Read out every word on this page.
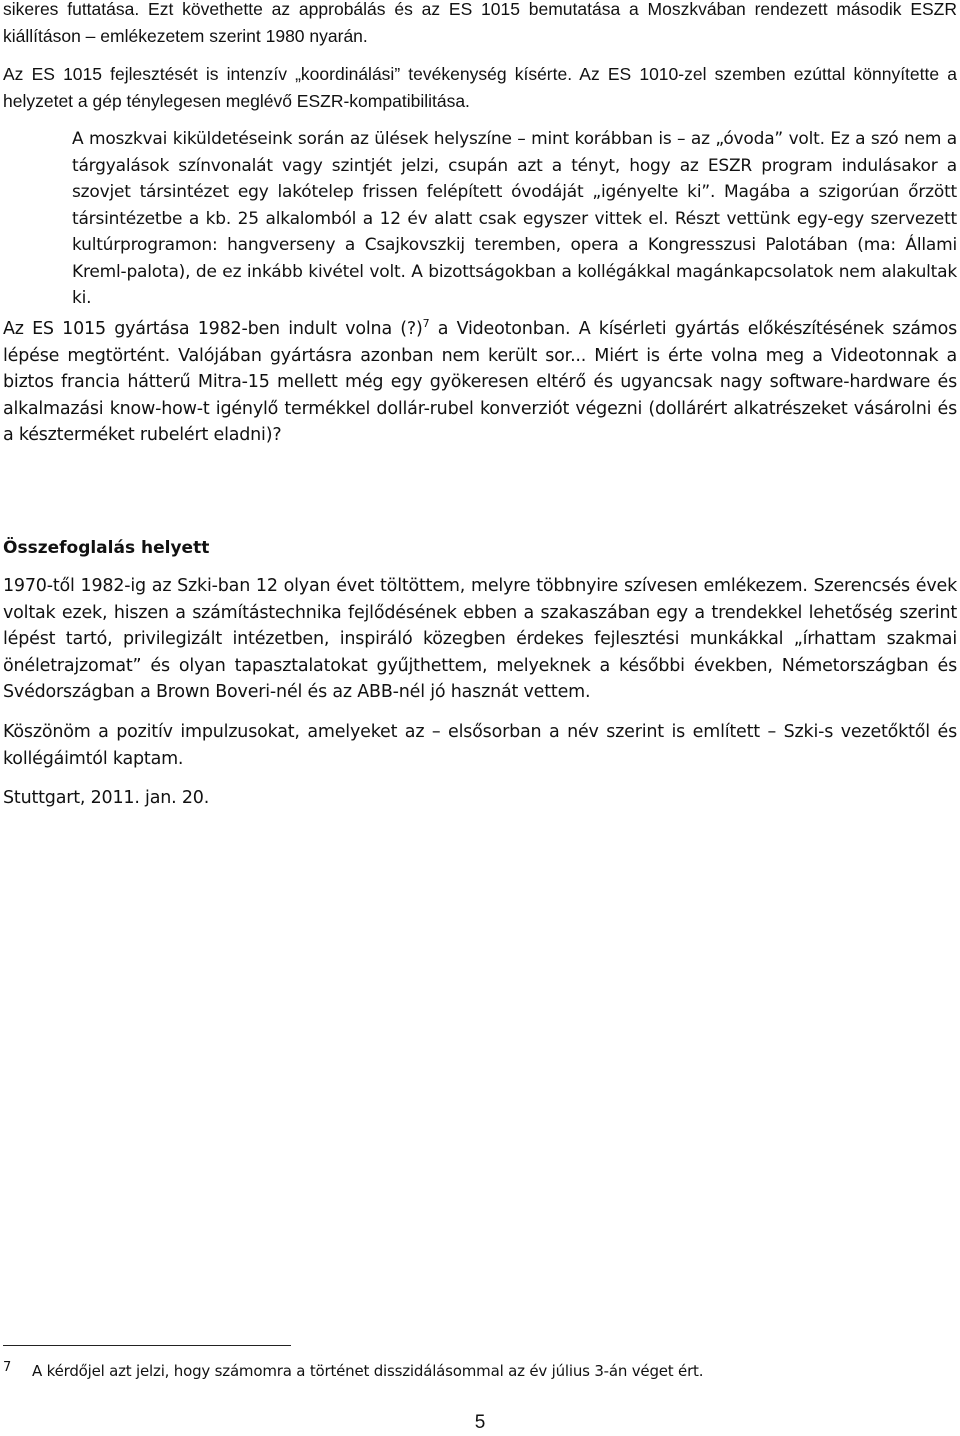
sikeres futtatása. Ezt követhette az approbálás és az ES 1015 bemutatása a Moszkvában rendezett második ESZR kiállításon – emlékezetem szerint 1980 nyarán.

Az ES 1015 fejlesztését is intenzív „koordinálási” tevékenység kísérte. Az ES 1010-zel szemben ezúttal könnyítette a helyzetet a gép ténylegesen meglévő ESZR-kompatibilitása.

A moszkvai kiküldetéseink során az ülések helyszíne – mint korábban is – az „óvoda” volt. Ez a szó nem a tárgyalások színvonalát vagy szintjét jelzi, csupán azt a tényt, hogy az ESZR program indulásakor a szovjet társintézet egy lakótelep frissen felépített óvodáját „igényelte ki”. Magába a szigorúan őrzött társintézetbe a kb. 25 alkalomból a 12 év alatt csak egyszer vittek el. Részt vettünk egy-egy szervezett kultúrprogramon: hangverseny a Csajkovszkij teremben, opera a Kongresszusi Palotában (ma: Állami Kreml-palota), de ez inkább kivétel volt. A bizottságokban a kollégákkal magánkapcsolatok nem alakultak ki.

Az ES 1015 gyártása 1982-ben indult volna (?)$^7$ a Videotonban. A kísérleti gyártás előkészítésének számos lépése megtörtént. Valójában gyártásra azonban nem került sor... Miért is érte volna meg a Videotonnak a biztos francia hátterű Mitra-15 mellett még egy gyökeresen eltérő és ugyancsak nagy software-hardware és alkalmazási know-how-t igénylő termékkel dollár-rubel konverziót végezni (dollárért alkatrészeket vásárolni és a készterméket rubelért eladni)?

Összefoglalás helyett

1970-től 1982-ig az Szki-ban 12 olyan évet töltöttem, melyre többnyire szívesen emlékezem. Szerencsés évek voltak ezek, hiszen a számítástechnika fejlődésének ebben a szakaszában egy a trendekkel lehetőség szerint lépést tartó, privilegizált intézetben, inspiráló közegben érdekes fejlesztési munkákkal „írhattam szakmai önéletrajzomat” és olyan tapasztalatokat gyűjthettem, melyeknek a későbbi években, Németországban és Svédországban a Brown Boveri-nél és az ABB-nél jó hasznát vettem.

Köszönöm a pozitív impulzusokat, amelyeket az – elsősorban a név szerint is említett – Szki-s vezetőktől és kollégáimtól kaptam.

Stuttgart, 2011. jan. 20.

7 A kérdőjel azt jelzi, hogy számomra a történet disszidálásommal az év július 3-án véget ért.
5
